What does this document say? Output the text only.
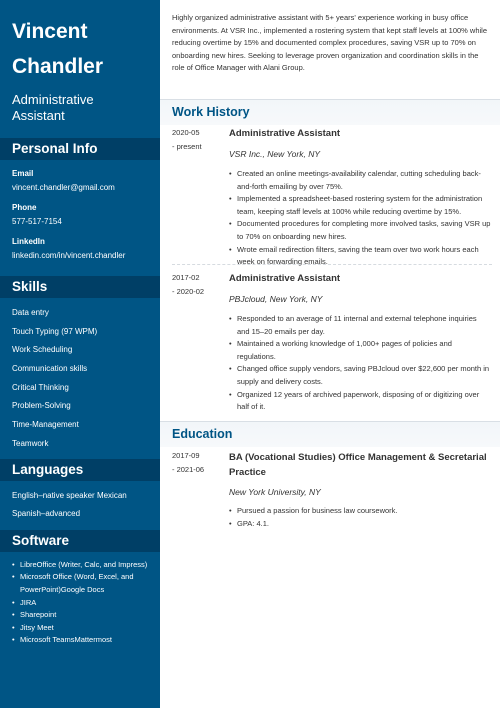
Vincent
Chandler
Administrative Assistant
Personal Info
Email
vincent.chandler@gmail.com
Phone
577-517-7154
LinkedIn
linkedin.com/in/vincent.chandler
Skills
Data entry
Touch Typing (97 WPM)
Work Scheduling
Communication skills
Critical Thinking
Problem-Solving
Time-Management
Teamwork
Languages
English–native speaker Mexican
Spanish–advanced
Software
• LibreOffice (Writer, Calc, and Impress)
• Microsoft Office (Word, Excel, and PowerPoint)Google Docs
• JIRA
• Sharepoint
• Jitsy Meet
• Microsoft TeamsMattermost
Highly organized administrative assistant with 5+ years' experience working in busy office environments. At VSR Inc., implemented a rostering system that kept staff levels at 100% while reducing overtime by 15% and documented complex procedures, saving VSR up to 70% on onboarding new hires. Seeking to leverage proven organization and coordination skills in the role of Office Manager with Alani Group.
Work History
2020-05
- present
Administrative Assistant
VSR Inc., New York, NY
• Created an online meetings-availability calendar, cutting scheduling back-and-forth emailing by over 75%.
• Implemented a spreadsheet-based rostering system for the administration team, keeping staff levels at 100% while reducing overtime by 15%.
• Documented procedures for completing more involved tasks, saving VSR up to 70% on onboarding new hires.
• Wrote email redirection filters, saving the team over two work hours each week on forwarding emails.
2017-02
- 2020-02
Administrative Assistant
PBJcloud, New York, NY
• Responded to an average of 11 internal and external telephone inquiries and 15–20 emails per day.
• Maintained a working knowledge of 1,000+ pages of policies and regulations.
• Changed office supply vendors, saving PBJcloud over $22,600 per month in supply and delivery costs.
• Organized 12 years of archived paperwork, disposing of or digitizing over half of it.
Education
2017-09
- 2021-06
BA (Vocational Studies) Office Management & Secretarial Practice
New York University, NY
• Pursued a passion for business law coursework.
• GPA: 4.1.
